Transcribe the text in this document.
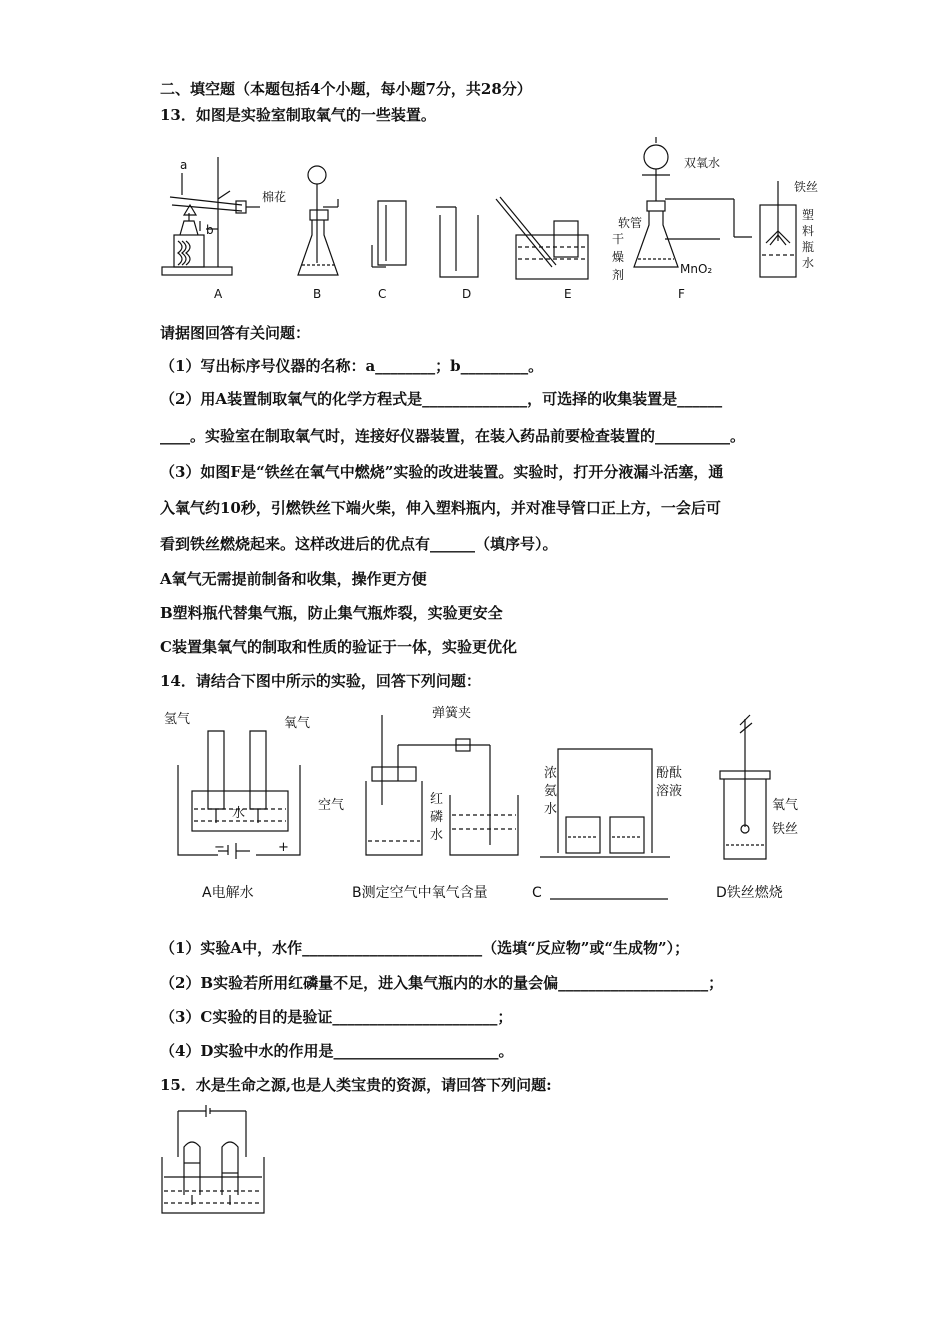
二、填空题（本题包括4个小题，每小题7分，共28分）
13．如图是实验室制取氧气的一些装置。
a
b
棉花
双氧水
软管
干
燥
剂	MnO₂
铁丝
塑
料
瓶
水
A	B	C	D	E	F
请据图回答有关问题：
（1）写出标序号仪器的名称：a________；b_________。
（2）用A装置制取氧气的化学方程式是______________，可选择的收集装置是______
____。实验室在制取氧气时，连接好仪器装置，在装入药品前要检查装置的__________。
（3）如图F是“铁丝在氧气中燃烧”实验的改进装置。实验时，打开分液漏斗活塞，通
入氧气约10秒，引燃铁丝下端火柴，伸入塑料瓶内，并对准导管口正上方，一会后可
看到铁丝燃烧起来。这样改进后的优点有______（填序号）。
A氧气无需提前制备和收集，操作更方便
B塑料瓶代替集气瓶，防止集气瓶炸裂，实验更安全
C装置集氧气的制取和性质的验证于一体，实验更优化
14．请结合下图中所示的实验，回答下列问题：
氢气	氧气
水
−	+
弹簧夹
空气	红
磷
水
浓
氨
水
酚酞
溶液
氧气
铁丝
A电解水	B测定空气中氧气含量	C	D铁丝燃烧
（1）实验A中，水作________________________（选填“反应物”或“生成物”）；
（2）B实验若所用红磷量不足，进入集气瓶内的水的量会偏____________________；
（3）C实验的目的是验证______________________；
（4）D实验中水的作用是______________________。
15．水是生命之源,也是人类宝贵的资源，请回答下列问题:
